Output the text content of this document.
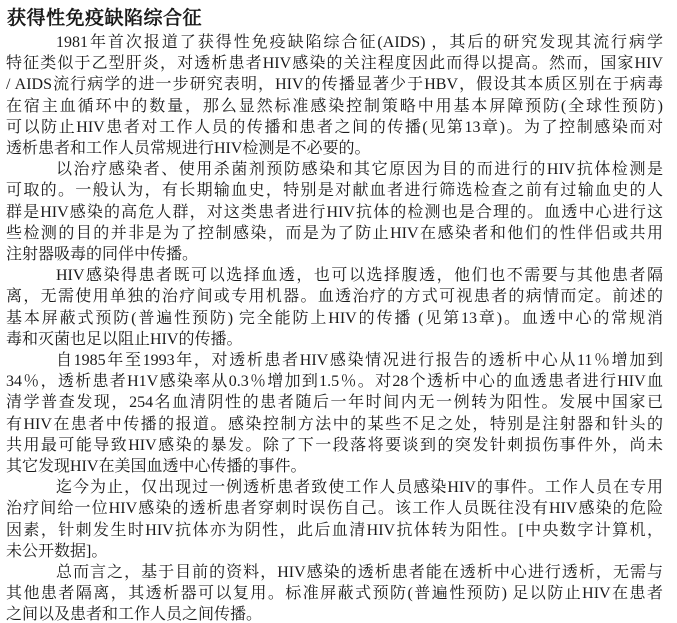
获得性免疫缺陷综合征
1981年首次报道了获得性免疫缺陷综合征(AIDS) ，其后的研究发现其流行病学
特征类似于乙型肝炎，对透析患者HIV感染的关注程度因此而得以提高。然而，国家HIV
/ AIDS流行病学的进一步研究表明，HIV的传播显著少于HBV，假设其本质区别在于病毒
在宿主血循环中的数量，那么显然标准感染控制策略中用基本屏障预防(全球性预防)
可以防止HIV患者对工作人员的传播和患者之间的传播(见第13章)。为了控制感染而对
透析患者和工作人员常规进行HIV检测是不必要的。
以治疗感染者、使用杀菌剂预防感染和其它原因为目的而进行的HIV抗体检测是
可取的。一般认为，有长期输血史，特别是对献血者进行筛选检查之前有过输血史的人
群是HIV感染的高危人群，对这类患者进行HIV抗体的检测也是合理的。血透中心进行这
些检测的目的并非是为了控制感染，而是为了防止HIV在感染者和他们的性伴侣或共用
注射器吸毒的同伴中传播。
HIV感染得患者既可以选择血透，也可以选择腹透，他们也不需要与其他患者隔
离，无需使用单独的治疗间或专用机器。血透治疗的方式可视患者的病情而定。前述的
基本屏蔽式预防(普遍性预防) 完全能防上HIV的传播 (见第13章)。血透中心的常规消
毒和灭菌也足以阻止HIV的传播。
自1985年至1993年，对透析患者HIV感染情况进行报告的透析中心从11％增加到
34％，透析患者H1V感染率从0.3％增加到1.5％。对28个透析中心的血透患者进行HIV血
清学普查发现，254名血清阴性的患者随后一年时间内无一例转为阳性。发展中国家已
有HIV在患者中传播的报道。感染控制方法中的某些不足之处，特别是注射器和针头的
共用最可能导致HIV感染的暴发。除了下一段落将要谈到的突发针刺损伤事件外，尚未
其它发现HIV在美国血透中心传播的事件。
迄今为止，仅出现过一例透析患者致使工作人员感染HIV的事件。工作人员在专用
治疗间给一位HIV感染的透析患者穿刺时误伤自己。该工作人员既往没有HIV感染的危险
因素，针刺发生时HIV抗体亦为阴性，此后血清HIV抗体转为阳性。[中央数字计算机，
未公开数据]。
总而言之，基于目前的资料，HIV感染的透析患者能在透析中心进行透析，无需与
其他患者隔离，其透析器可以复用。标准屏蔽式预防(普遍性预防) 足以防止HIV在患者
之间以及患者和工作人员之间传播。
